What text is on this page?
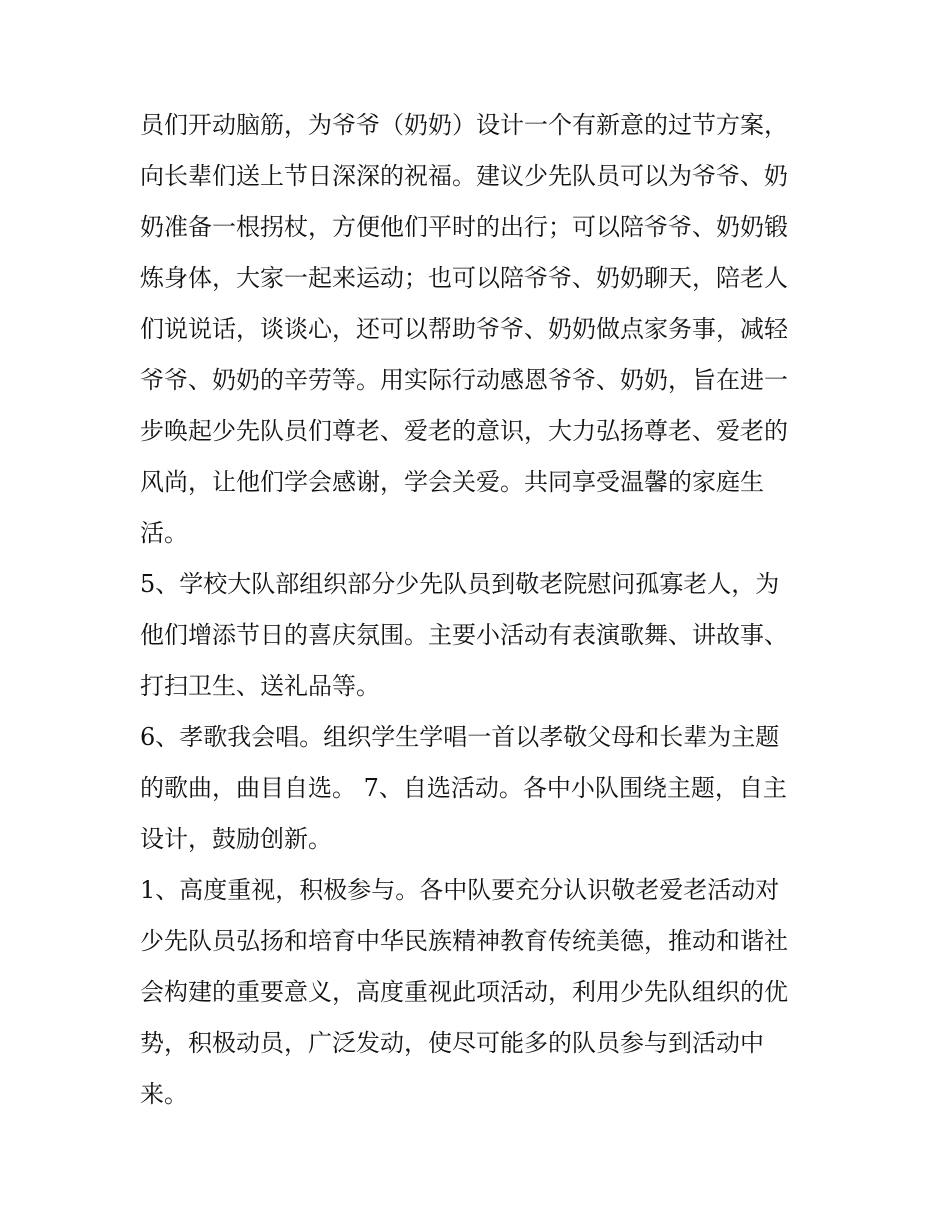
员们开动脑筋，为爷爷（奶奶）设计一个有新意的过节方案，
向长辈们送上节日深深的祝福。建议少先队员可以为爷爷、奶
奶准备一根拐杖，方便他们平时的出行；可以陪爷爷、奶奶锻
炼身体，大家一起来运动；也可以陪爷爷、奶奶聊天，陪老人
们说说话，谈谈心，还可以帮助爷爷、奶奶做点家务事，减轻
爷爷、奶奶的辛劳等。用实际行动感恩爷爷、奶奶，旨在进一
步唤起少先队员们尊老、爱老的意识，大力弘扬尊老、爱老的
风尚，让他们学会感谢，学会关爱。共同享受温馨的家庭生
活。

5、学校大队部组织部分少先队员到敬老院慰问孤寡老人，为
他们增添节日的喜庆氛围。主要小活动有表演歌舞、讲故事、
打扫卫生、送礼品等。

6、孝歌我会唱。组织学生学唱一首以孝敬父母和长辈为主题
的歌曲，曲目自选。 7、自选活动。各中小队围绕主题，自主
设计，鼓励创新。

1、高度重视，积极参与。各中队要充分认识敬老爱老活动对
少先队员弘扬和培育中华民族精神教育传统美德，推动和谐社
会构建的重要意义，高度重视此项活动，利用少先队组织的优
势，积极动员，广泛发动，使尽可能多的队员参与到活动中
来。
